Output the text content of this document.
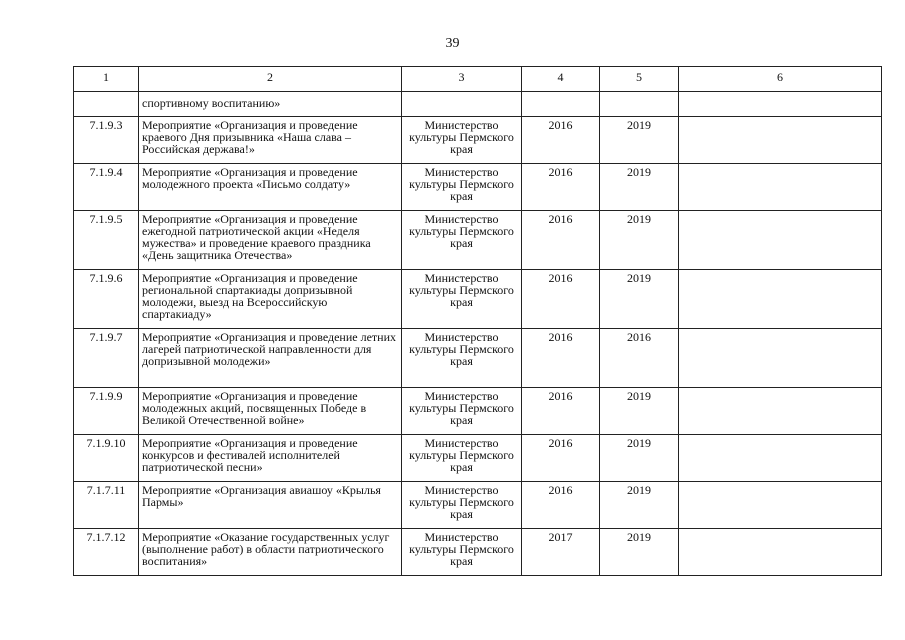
39
1	2	3	4	5	6
	спортивному воспитанию»				
7.1.9.3	Мероприятие «Организация и проведение краевого Дня призывника «Наша слава – Российская держава!»	Министерство культуры Пермского края	2016	2019	
7.1.9.4	Мероприятие «Организация и проведение молодежного проекта «Письмо солдату»	Министерство культуры Пермского края	2016	2019	
7.1.9.5	Мероприятие «Организация и проведение ежегодной патриотической акции «Неделя мужества» и проведение краевого праздника «День защитника Отечества»	Министерство культуры Пермского края	2016	2019	
7.1.9.6	Мероприятие «Организация и проведение региональной спартакиады допризывной молодежи, выезд на Всероссийскую спартакиаду»	Министерство культуры Пермского края	2016	2019	
7.1.9.7	Мероприятие «Организация и проведение летних лагерей патриотической направленности для допризывной молодежи»	Министерство культуры Пермского края	2016	2016	
7.1.9.9	Мероприятие «Организация и проведение молодежных акций, посвященных Победе в Великой Отечественной войне»	Министерство культуры Пермского края	2016	2019	
7.1.9.10	Мероприятие «Организация и проведение конкурсов и фестивалей исполнителей патриотической песни»	Министерство культуры Пермского края	2016	2019	
7.1.7.11	Мероприятие «Организация авиашоу «Крылья Пармы»	Министерство культуры Пермского края	2016	2019	
7.1.7.12	Мероприятие «Оказание государственных услуг (выполнение работ) в области патриотического воспитания»	Министерство культуры Пермского края	2017	2019	
